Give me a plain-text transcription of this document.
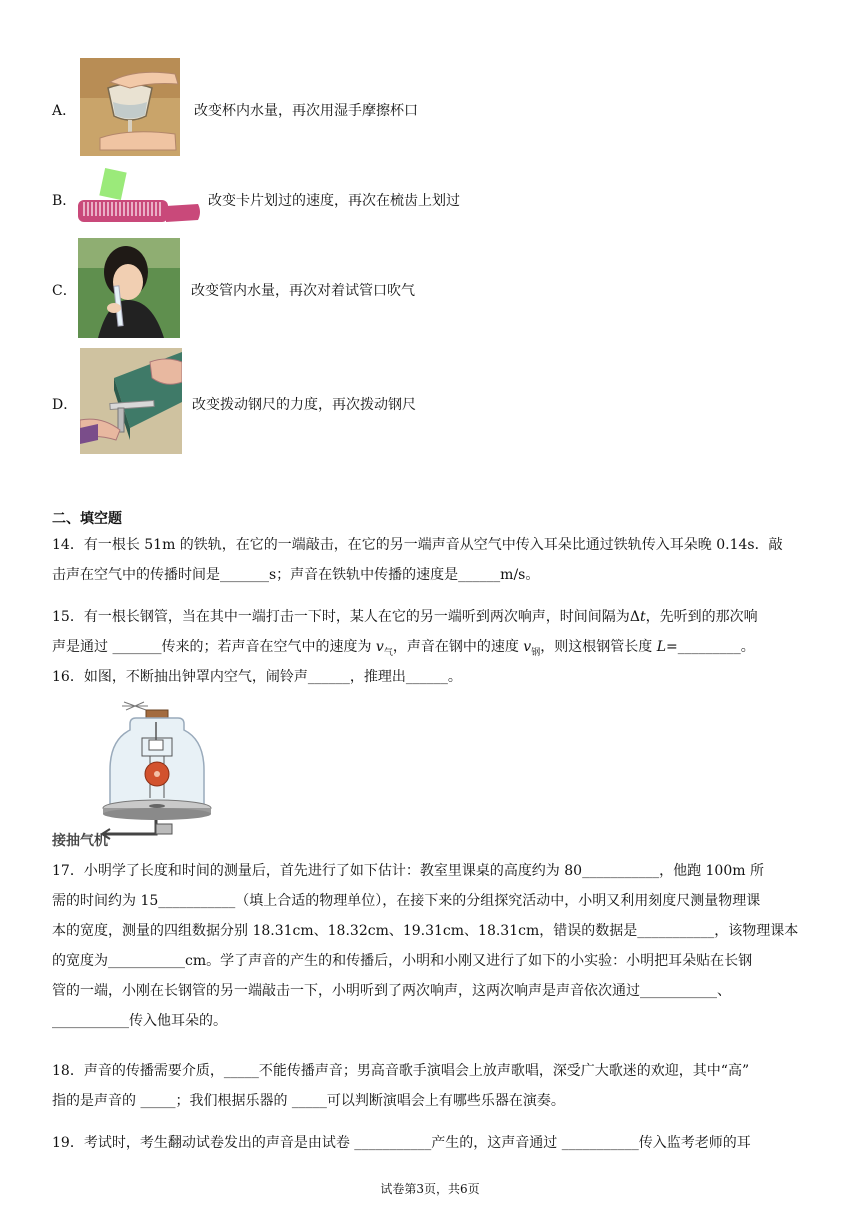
A．	改变杯内水量，再次用湿手摩擦杯口
B．	改变卡片划过的速度，再次在梳齿上划过
C．	改变管内水量，再次对着试管口吹气
D．	改变拨动钢尺的力度，再次拨动钢尺
二、填空题
14．有一根长 51m 的铁轨，在它的一端敲击，在它的另一端声音从空气中传入耳朵比通过铁轨传入耳朵晚 0.14s．敲
击声在空气中的传播时间是_______s；声音在铁轨中传播的速度是______m/s。
15．有一根长钢管，当在其中一端打击一下时，某人在它的另一端听到两次响声，时间间隔为Δt，先听到的那次响
声是通过 _______传来的；若声音在空气中的速度为 $v_气$，声音在钢中的速度 $v_钢$，则这根钢管长度 L=_________。
16．如图，不断抽出钟罩内空气，闹铃声______，推理出______。
接抽气机
17．小明学了长度和时间的测量后，首先进行了如下估计：教室里课桌的高度约为 80___________，他跑 100m 所
需的时间约为 15___________（填上合适的物理单位），在接下来的分组探究活动中，小明又利用刻度尺测量物理课
本的宽度，测量的四组数据分别 18.31cm、18.32cm、19.31cm、18.31cm，错误的数据是___________，该物理课本
的宽度为___________cm。学了声音的产生的和传播后，小明和小刚又进行了如下的小实验：小明把耳朵贴在长钢
管的一端，小刚在长钢管的另一端敲击一下，小明听到了两次响声，这两次响声是声音依次通过___________、
___________传入他耳朵的。
18．声音的传播需要介质，_____不能传播声音；男高音歌手演唱会上放声歌唱，深受广大歌迷的欢迎，其中“高”
指的是声音的 _____；我们根据乐器的 _____可以判断演唱会上有哪些乐器在演奏。
19．考试时，考生翻动试卷发出的声音是由试卷 ___________产生的，这声音通过 ___________传入监考老师的耳
试卷第3页，共6页
